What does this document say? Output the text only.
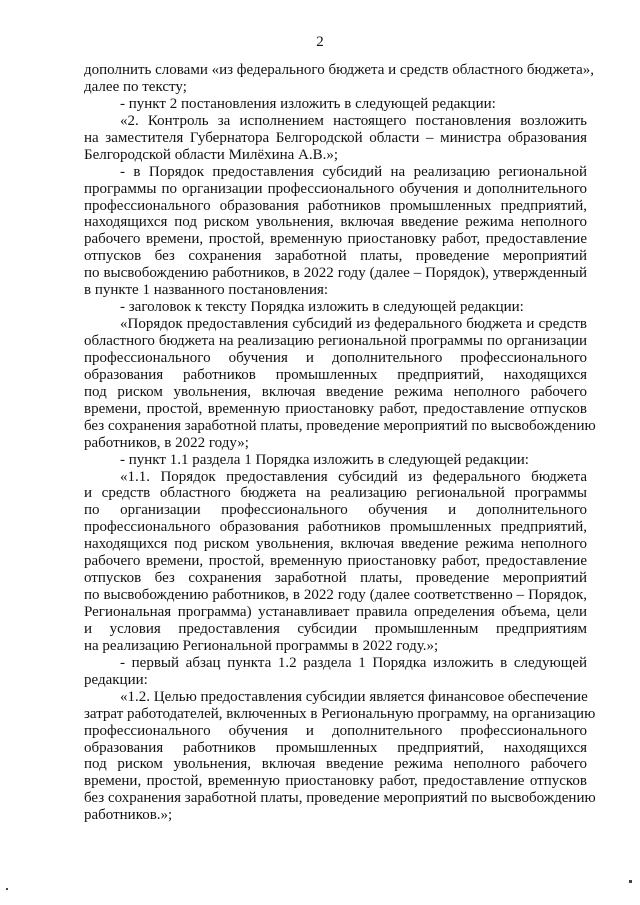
2
дополнить словами «из федерального бюджета и средств областного бюджета»,
далее по тексту;
- пункт 2 постановления изложить в следующей редакции:
«2. Контроль за исполнением настоящего постановления возложить
на заместителя Губернатора Белгородской области – министра образования
Белгородской области Милёхина А.В.»;
- в Порядок предоставления субсидий на реализацию региональной
программы по организации профессионального обучения и дополнительного
профессионального образования работников промышленных предприятий,
находящихся под риском увольнения, включая введение режима неполного
рабочего времени, простой, временную приостановку работ, предоставление
отпусков без сохранения заработной платы, проведение мероприятий
по высвобождению работников, в 2022 году (далее – Порядок), утвержденный
в пункте 1 названного постановления:
- заголовок к тексту Порядка изложить в следующей редакции:
«Порядок предоставления субсидий из федерального бюджета и средств
областного бюджета на реализацию региональной программы по организации
профессионального обучения и дополнительного профессионального
образования работников промышленных предприятий, находящихся
под риском увольнения, включая введение режима неполного рабочего
времени, простой, временную приостановку работ, предоставление отпусков
без сохранения заработной платы, проведение мероприятий по высвобождению
работников, в 2022 году»;
- пункт 1.1 раздела 1 Порядка изложить в следующей редакции:
«1.1. Порядок предоставления субсидий из федерального бюджета
и средств областного бюджета на реализацию региональной программы
по организации профессионального обучения и дополнительного
профессионального образования работников промышленных предприятий,
находящихся под риском увольнения, включая введение режима неполного
рабочего времени, простой, временную приостановку работ, предоставление
отпусков без сохранения заработной платы, проведение мероприятий
по высвобождению работников, в 2022 году (далее соответственно – Порядок,
Региональная программа) устанавливает правила определения объема, цели
и условия предоставления субсидии промышленным предприятиям
на реализацию Региональной программы в 2022 году.»;
- первый абзац пункта 1.2 раздела 1 Порядка изложить в следующей
редакции:
«1.2. Целью предоставления субсидии является финансовое обеспечение
затрат работодателей, включенных в Региональную программу, на организацию
профессионального обучения и дополнительного профессионального
образования работников промышленных предприятий, находящихся
под риском увольнения, включая введение режима неполного рабочего
времени, простой, временную приостановку работ, предоставление отпусков
без сохранения заработной платы, проведение мероприятий по высвобождению
работников.»;
